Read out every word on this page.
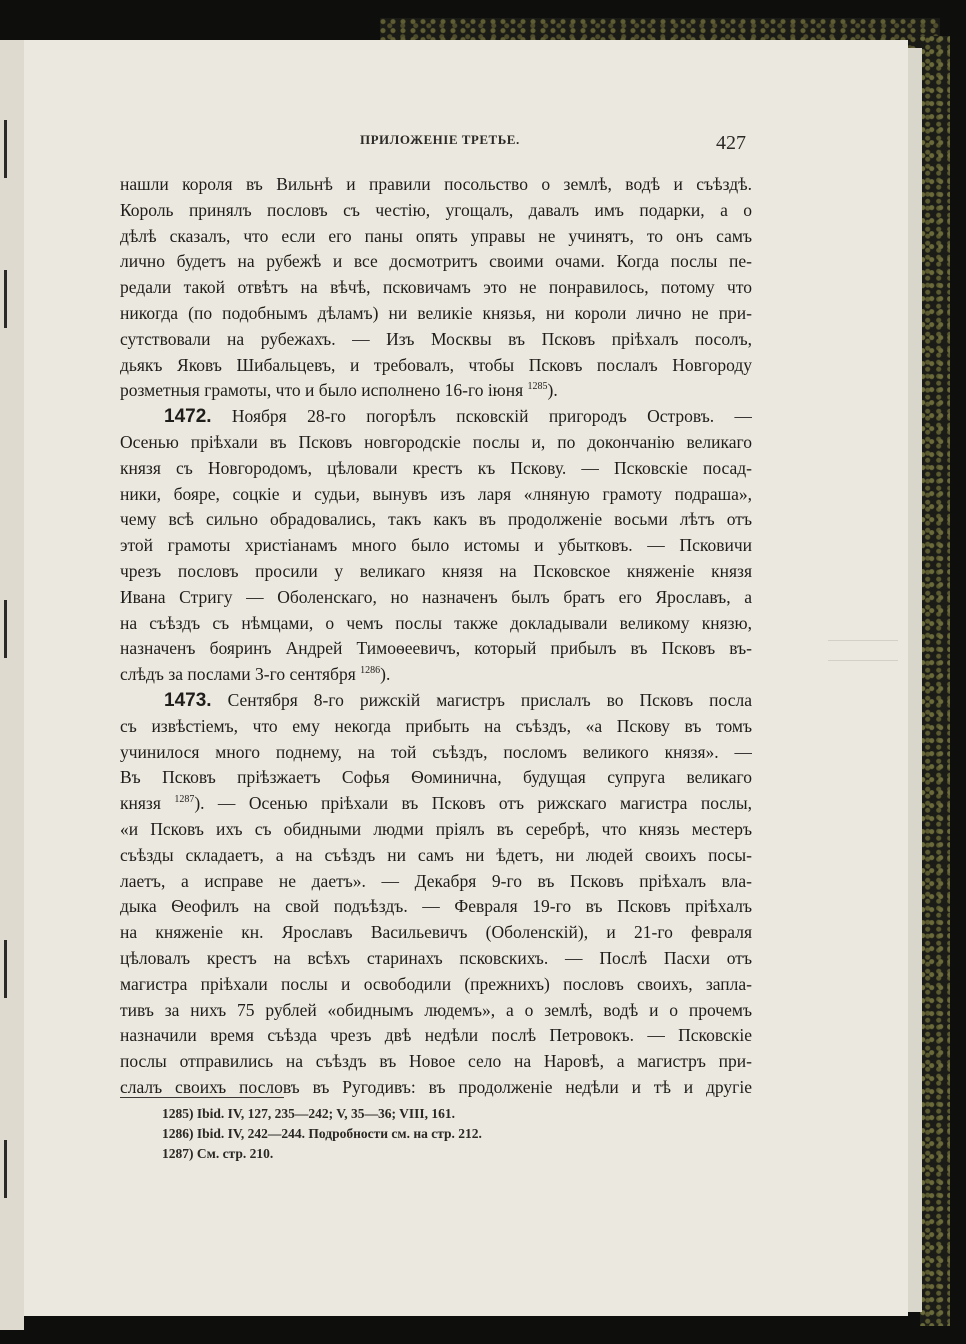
ПРИЛОЖЕНІЕ ТРЕТЬЕ.	427
нашли короля въ Вильнѣ и правили посольство о землѣ, водѣ и съѣздѣ.
Король принялъ пословъ съ честію, угощалъ, давалъ имъ подарки, а о
дѣлѣ сказалъ, что если его паны опять управы не учинятъ, то онъ самъ
лично будетъ на рубежѣ и все досмотритъ своими очами. Когда послы пе-
редали такой отвѣтъ на вѣчѣ, псковичамъ это не понравилось, потому что
никогда (по подобнымъ дѣламъ) ни великіе князья, ни короли лично не при-
сутствовали на рубежахъ. — Изъ Москвы въ Псковъ пріѣхалъ посолъ,
дьякъ Яковъ Шибальцевъ, и требовалъ, чтобы Псковъ послалъ Новгороду
розметныя грамоты, что и было исполнено 16-го іюня $^{1285}$).
1472. Ноября 28-го погорѣлъ псковскій пригородъ Островъ. —
Осенью пріѣхали въ Псковъ новгородскіе послы и, по докончанію великаго
князя съ Новгородомъ, цѣловали крестъ къ Пскову. — Псковскіе посад-
ники, бояре, соцкіе и судьи, вынувъ изъ ларя «лняную грамоту подраша»,
чему всѣ сильно обрадовались, такъ какъ въ продолженіе восьми лѣтъ отъ
этой грамоты христіанамъ много было истомы и убытковъ. — Псковичи
чрезъ пословъ просили у великаго князя на Псковское княженіе князя
Ивана Стригу — Оболенскаго, но назначенъ былъ братъ его Ярославъ, а
на съѣздъ съ нѣмцами, о чемъ послы также докладывали великому князю,
назначенъ бояринъ Андрей Тимоѳеевичъ, который прибылъ въ Псковъ въ-
слѣдъ за послами 3-го сентября $^{1286}$).
1473. Сентября 8-го рижскій магистръ прислалъ во Псковъ посла
съ извѣстіемъ, что ему некогда прибыть на съѣздъ, «а Пскову въ томъ
учинилося много поднему, на той съѣздъ, посломъ великого князя». —
Въ Псковъ пріѣзжаетъ Софья Ѳоминична, будущая супруга великаго
князя $^{1287}$). — Осенью пріѣхали въ Псковъ отъ рижскаго магистра послы,
«и Псковъ ихъ съ обидными людми пріялъ въ серебрѣ, что князь местеръ
съѣзды складаетъ, а на съѣздъ ни самъ ни ѣдетъ, ни людей своихъ посы-
лаетъ, а исправе не даетъ». — Декабря 9-го въ Псковъ пріѣхалъ вла-
дыка Ѳеофилъ на свой подъѣздъ. — Февраля 19-го въ Псковъ пріѣхалъ
на княженіе кн. Ярославъ Васильевичъ (Оболенскій), и 21-го февраля
цѣловалъ крестъ на всѣхъ старинахъ псковскихъ. — Послѣ Пасхи отъ
магистра пріѣхали послы и освободили (прежнихъ) пословъ своихъ, запла-
тивъ за нихъ 75 рублей «обиднымъ людемъ», а о землѣ, водѣ и о прочемъ
назначили время съѣзда чрезъ двѣ недѣли послѣ Петровокъ. — Псковскіе
послы отправились на съѣздъ въ Новое село на Наровѣ, а магистръ при-
слалъ своихъ пословъ въ Ругодивъ: въ продолженіе недѣли и тѣ и другіе
1285) Ibid. IV, 127, 235—242; V, 35—36; VIII, 161.
1286) Ibid. IV, 242—244. Подробности см. на стр. 212.
1287) См. стр. 210.
